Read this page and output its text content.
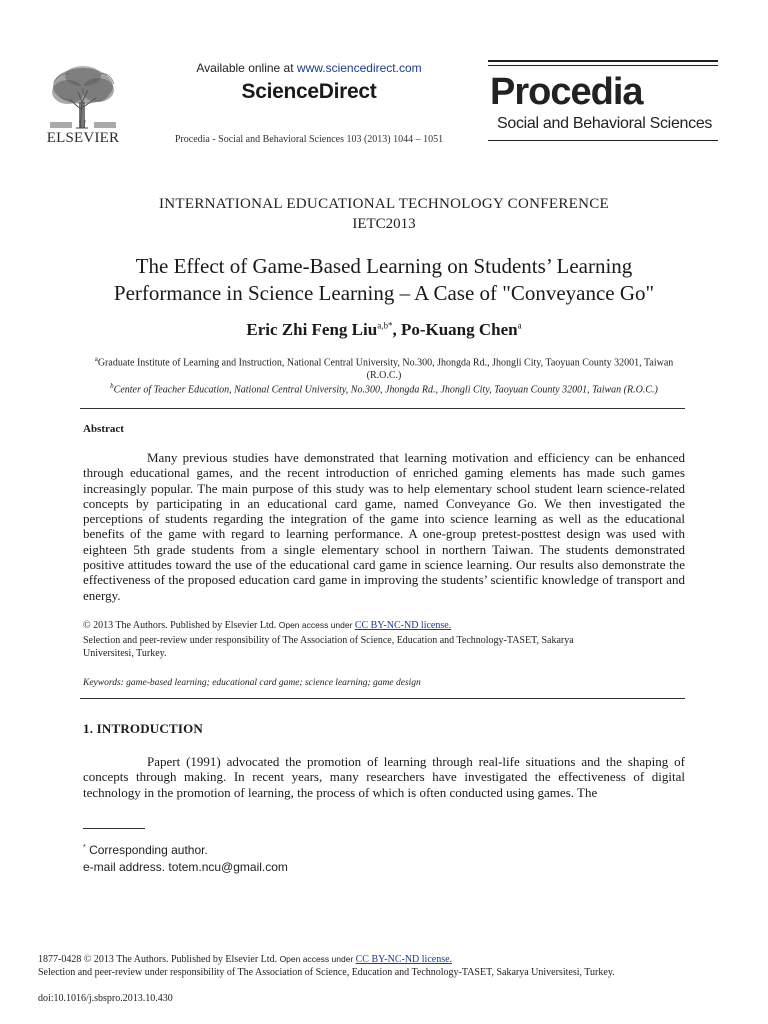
ELSEVIER
Available online at www.sciencedirect.com
ScienceDirect
Procedia - Social and Behavioral Sciences 103 (2013) 1044 – 1051
Procedia
Social and Behavioral Sciences
INTERNATIONAL EDUCATIONAL TECHNOLOGY CONFERENCE
IETC2013
The Effect of Game-Based Learning on Students’ Learning
Performance in Science Learning – A Case of "Conveyance Go"
Eric Zhi Feng Liu$^{a,b*}$, Po-Kuang Chen$^a$
$^a$Graduate Institute of Learning and Instruction, National Central University, No.300, Jhongda Rd., Jhongli City, Taoyuan County 32001, Taiwan (R.O.C.)
$^b$Center of Teacher Education, National Central University, No.300, Jhongda Rd., Jhongli City, Taoyuan County 32001, Taiwan (R.O.C.)
Abstract
Many previous studies have demonstrated that learning motivation and efficiency can be enhanced through educational games, and the recent introduction of enriched gaming elements has made such games increasingly popular. The main purpose of this study was to help elementary school student learn science-related concepts by participating in an educational card game, named Conveyance Go. We then investigated the perceptions of students regarding the integration of the game into science learning as well as the educational benefits of the game with regard to learning performance. A one-group pretest-posttest design was used with eighteen 5th grade students from a single elementary school in northern Taiwan. The students demonstrated positive attitudes toward the use of the educational card game in science learning. Our results also demonstrate the effectiveness of the proposed education card game in improving the students’ scientific knowledge of transport and energy.
© 2013 The Authors. Published by Elsevier Ltd. Open access under CC BY-NC-ND license.
Selection and peer-review under responsibility of The Association of Science, Education and Technology-TASET, Sakarya Universitesi, Turkey.
Keywords: game-based learning; educational card game; science learning; game design
1. INTRODUCTION
Papert (1991) advocated the promotion of learning through real-life situations and the shaping of concepts through making. In recent years, many researchers have investigated the effectiveness of digital technology in the promotion of learning, the process of which is often conducted using games. The
* Corresponding author.
e-mail address. totem.ncu@gmail.com
1877-0428 © 2013 The Authors. Published by Elsevier Ltd. Open access under CC BY-NC-ND license.
Selection and peer-review under responsibility of The Association of Science, Education and Technology-TASET, Sakarya Universitesi, Turkey.
doi:10.1016/j.sbspro.2013.10.430
